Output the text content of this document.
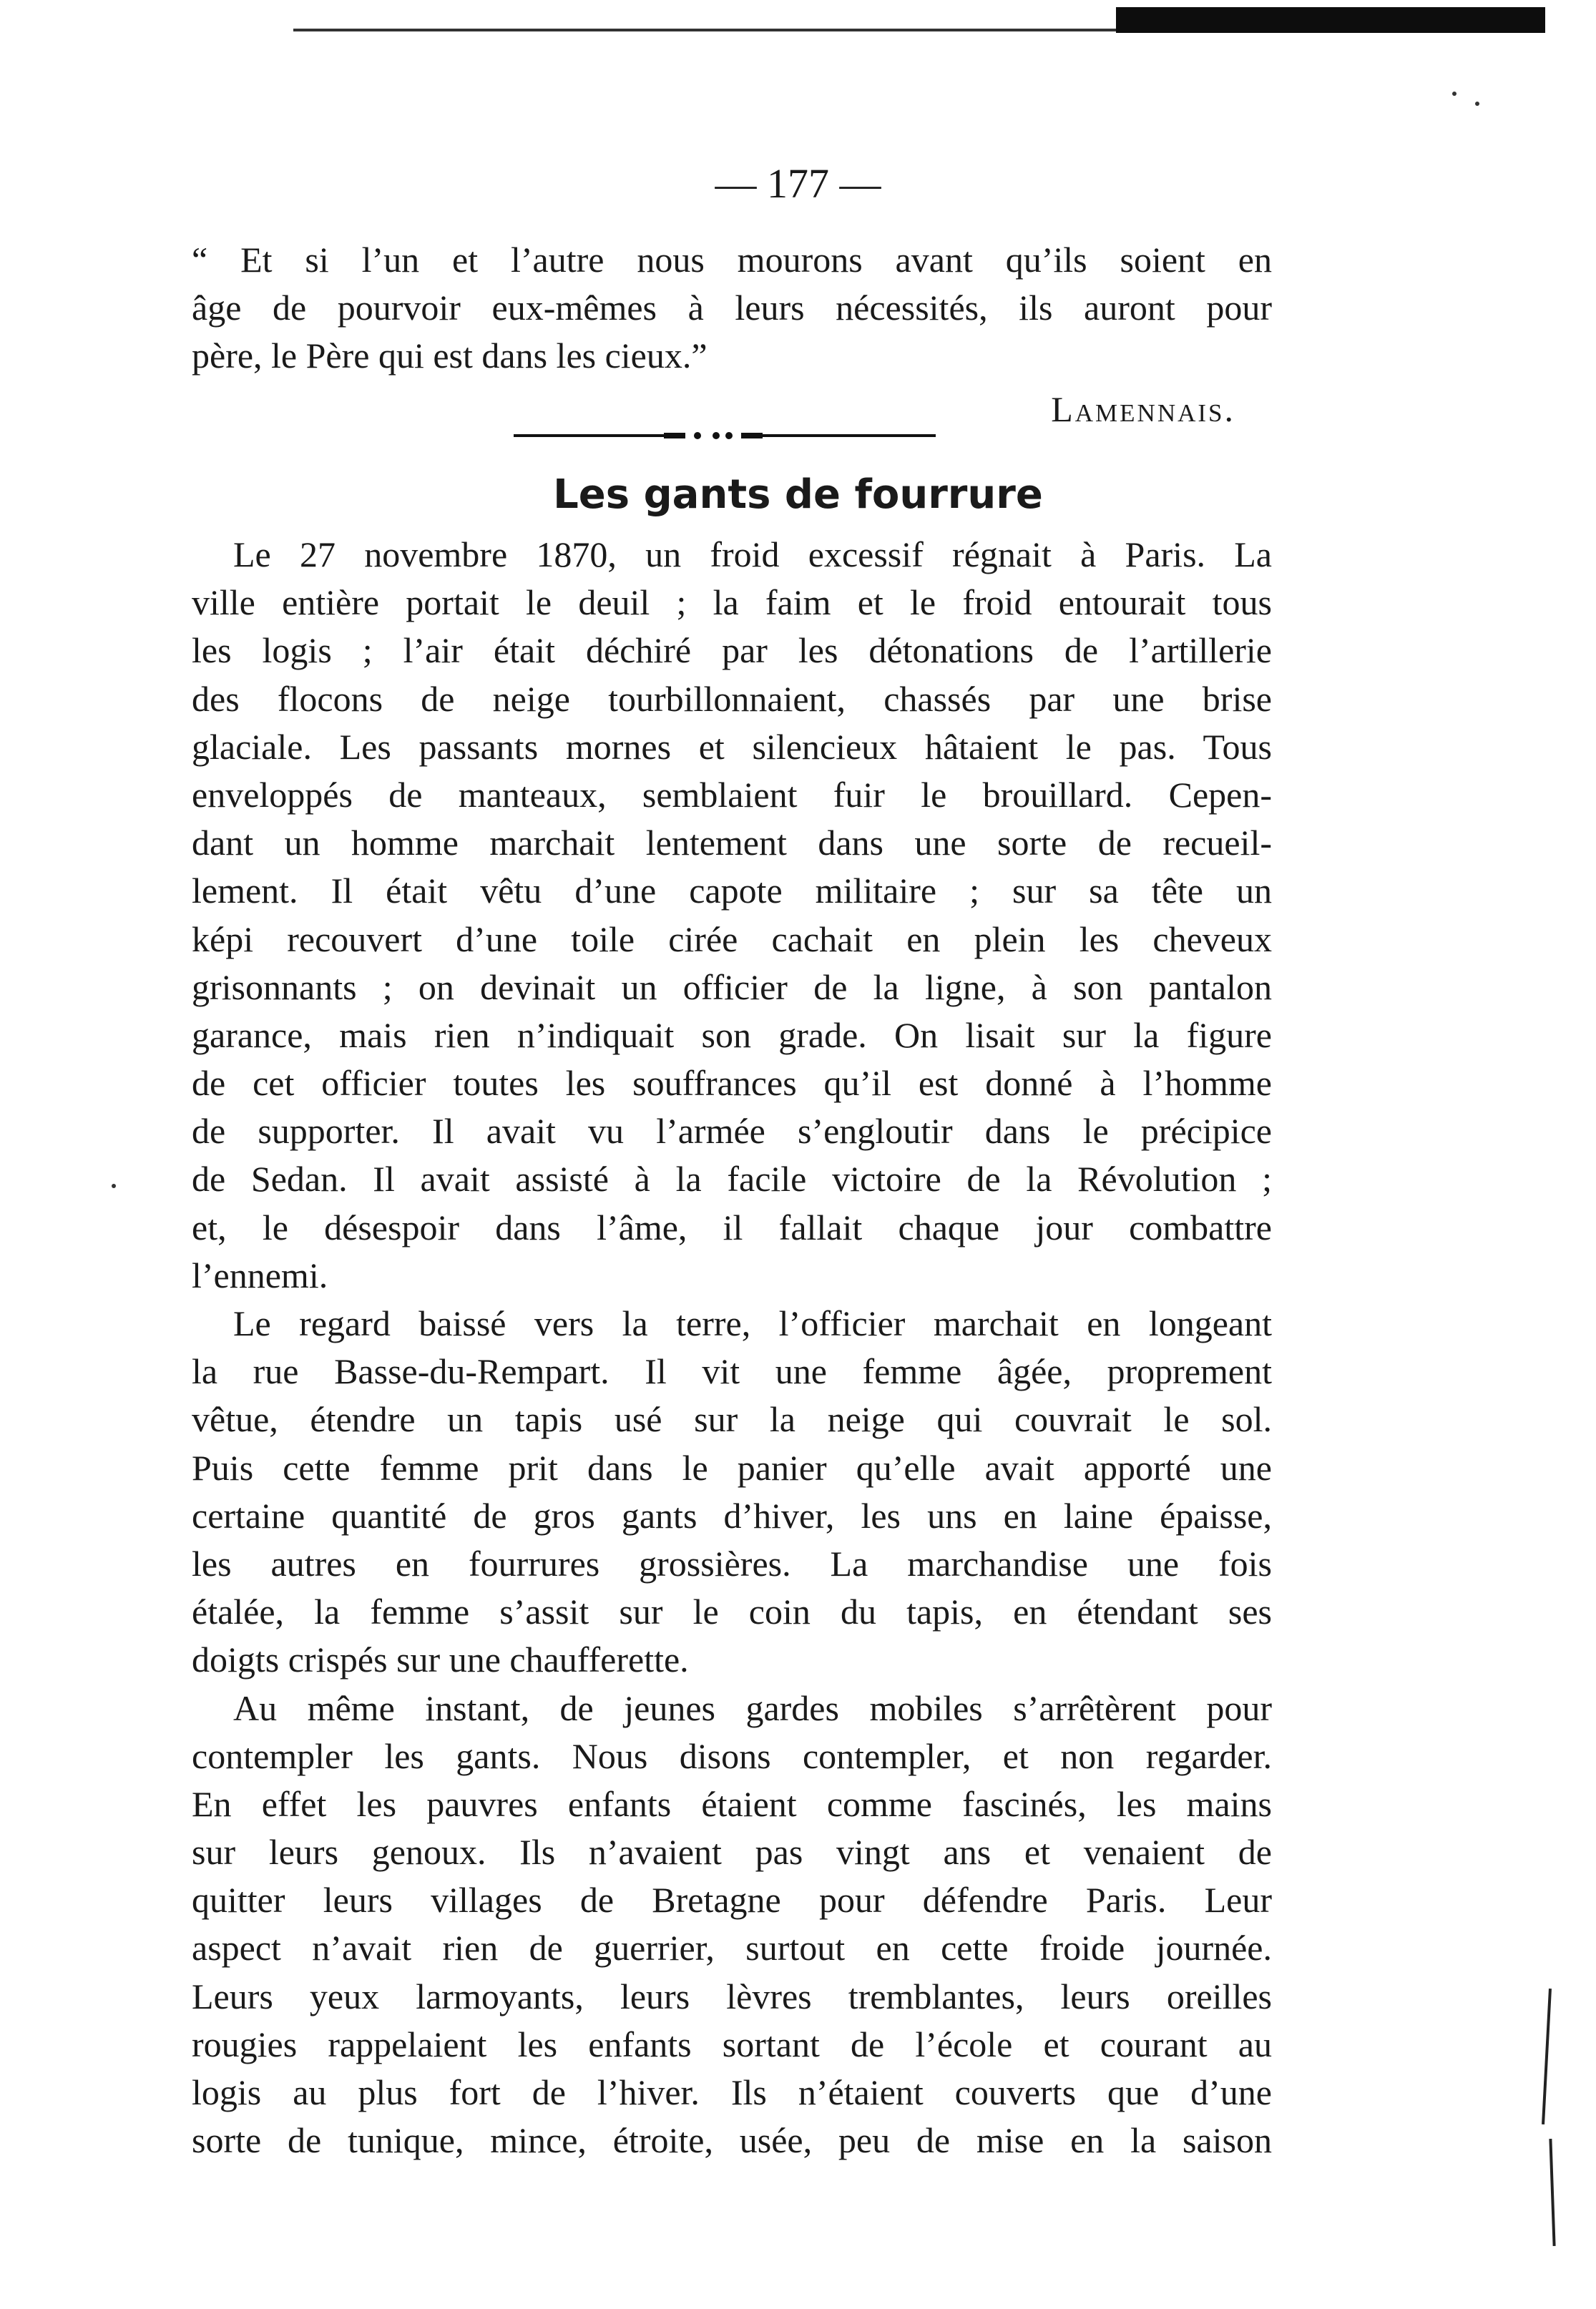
— 177 —
“ Et si l’un et l’autre nous mourons avant qu’ils soient en
âge de pourvoir eux-mêmes à leurs nécessités, ils auront pour
père, le Père qui est dans les cieux.”
Lamennais.
Les gants de fourrure
Le 27 novembre 1870, un froid excessif régnait à Paris. La
ville entière portait le deuil ; la faim et le froid entourait tous
les logis ; l’air était déchiré par les détonations de l’artillerie
des flocons de neige tourbillonnaient, chassés par une brise
glaciale. Les passants mornes et silencieux hâtaient le pas. Tous
enveloppés de manteaux, semblaient fuir le brouillard. Cepen-
dant un homme marchait lentement dans une sorte de recueil-
lement. Il était vêtu d’une capote militaire ; sur sa tête un
képi recouvert d’une toile cirée cachait en plein les cheveux
grisonnants ; on devinait un officier de la ligne, à son pantalon
garance, mais rien n’indiquait son grade. On lisait sur la figure
de cet officier toutes les souffrances qu’il est donné à l’homme
de supporter. Il avait vu l’armée s’engloutir dans le précipice
de Sedan. Il avait assisté à la facile victoire de la Révolution ;
et, le désespoir dans l’âme, il fallait chaque jour combattre
l’ennemi.
Le regard baissé vers la terre, l’officier marchait en longeant
la rue Basse-du-Rempart. Il vit une femme âgée, proprement
vêtue, étendre un tapis usé sur la neige qui couvrait le sol.
Puis cette femme prit dans le panier qu’elle avait apporté une
certaine quantité de gros gants d’hiver, les uns en laine épaisse,
les autres en fourrures grossières. La marchandise une fois
étalée, la femme s’assit sur le coin du tapis, en étendant ses
doigts crispés sur une chaufferette.
Au même instant, de jeunes gardes mobiles s’arrêtèrent pour
contempler les gants. Nous disons contempler, et non regarder.
En effet les pauvres enfants étaient comme fascinés, les mains
sur leurs genoux. Ils n’avaient pas vingt ans et venaient de
quitter leurs villages de Bretagne pour défendre Paris. Leur
aspect n’avait rien de guerrier, surtout en cette froide journée.
Leurs yeux larmoyants, leurs lèvres tremblantes, leurs oreilles
rougies rappelaient les enfants sortant de l’école et courant au
logis au plus fort de l’hiver. Ils n’étaient couverts que d’une
sorte de tunique, mince, étroite, usée, peu de mise en la saison
